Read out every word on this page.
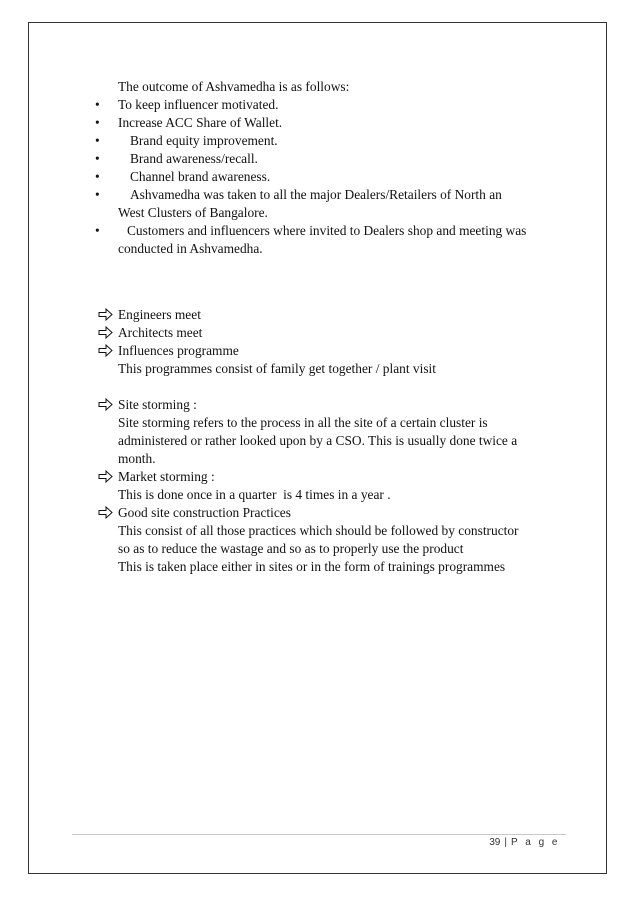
The outcome of Ashvamedha is as follows:
• To keep influencer motivated.
• Increase ACC Share of Wallet.
• Brand equity improvement.
• Brand awareness/recall.
• Channel brand awareness.
• Ashvamedha was taken to all the major Dealers/Retailers of North an
West Clusters of Bangalore.
• Customers and influencers where invited to Dealers shop and meeting was
conducted in Ashvamedha.
Engineers meet
Architects meet
Influences programme
This programmes consist of family get together / plant visit
Site storming :
Site storming refers to the process in all the site of a certain cluster is
administered or rather looked upon by a CSO. This is usually done twice a
month.
Market storming :
This is done once in a quarter  is 4 times in a year .
Good site construction Practices
This consist of all those practices which should be followed by constructor
so as to reduce the wastage and so as to properly use the product
This is taken place either in sites or in the form of trainings programmes
39 | P a g e
